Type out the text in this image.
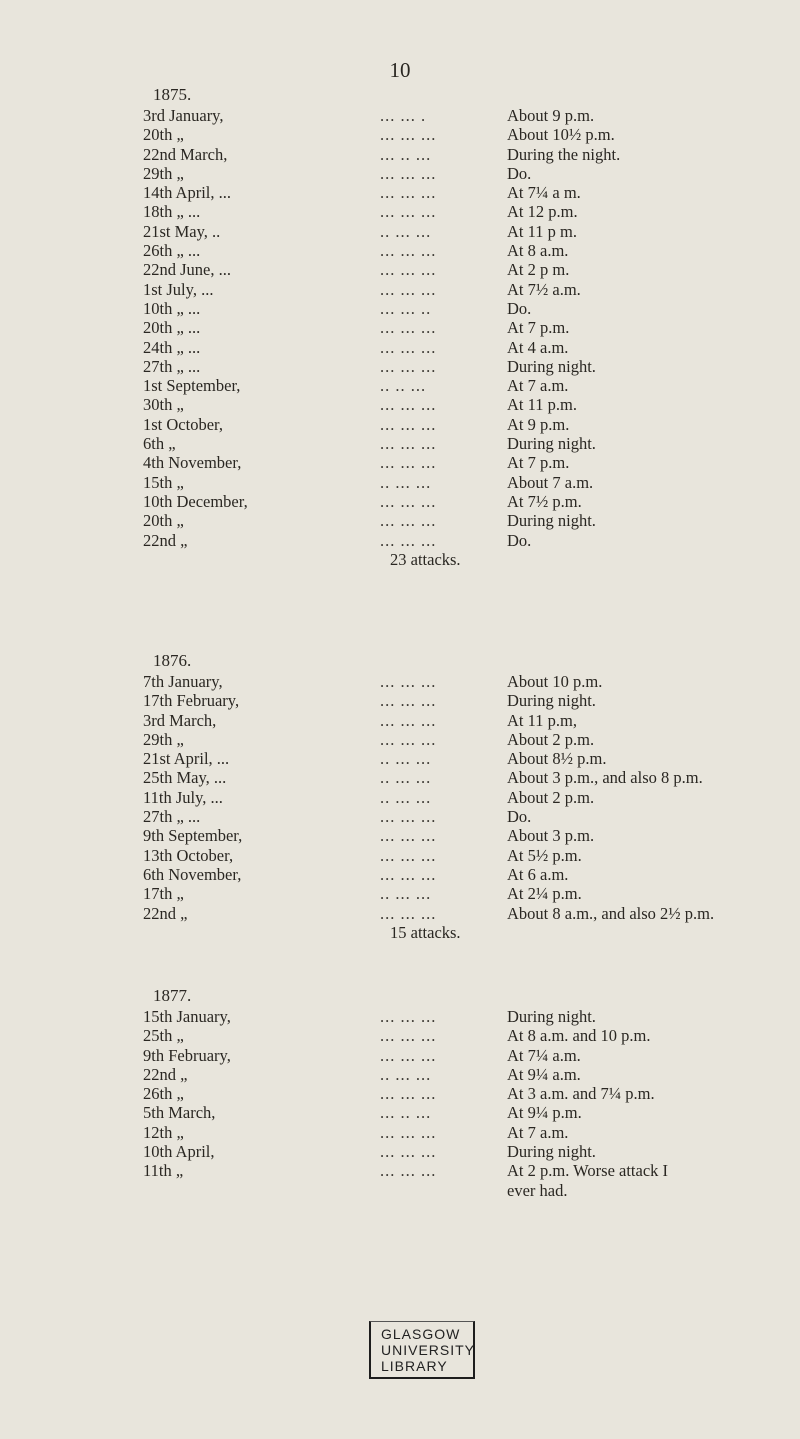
10
1875.
3rd January,	... ... .	About 9 p.m.
20th „	... ... ...	About 10½ p.m.
22nd March,	... .. ...	During the night.
29th „	... ... ...	Do.
14th April, ...	... ... ...	At 7¼ a m.
18th „ ...	... ... ...	At 12 p.m.
21st May, ..	.. ... ...	At 11 p m.
26th „ ...	... ... ...	At 8 a.m.
22nd June, ...	... ... ...	At 2 p m.
1st July, ...	... ... ...	At 7½ a.m.
10th „ ...	... ... ..	Do.
20th „ ...	... ... ...	At 7 p.m.
24th „ ...	... ... ...	At 4 a.m.
27th „ ...	... ... ...	During night.
1st September,	.. .. ...	At 7 a.m.
30th „	... ... ...	At 11 p.m.
1st October,	... ... ...	At 9 p.m.
6th „	... ... ...	During night.
4th November,	... ... ...	At 7 p.m.
15th „	.. ... ...	About 7 a.m.
10th December,	... ... ...	At 7½ p.m.
20th „	... ... ...	During night.
22nd „	... ... ...	Do.
23 attacks.
1876.
7th January,	... ... ...	About 10 p.m.
17th February,	... ... ...	During night.
3rd March,	... ... ...	At 11 p.m,
29th „	... ... ...	About 2 p.m.
21st April, ...	.. ... ...	About 8½ p.m.
25th May, ...	.. ... ...	About 3 p.m., and also 8 p.m.
11th July, ...	.. ... ...	About 2 p.m.
27th „ ...	... ... ...	Do.
9th September,	... ... ...	About 3 p.m.
13th October,	... ... ...	At 5½ p.m.
6th November,	... ... ...	At 6 a.m.
17th „	.. ... ...	At 2¼ p.m.
22nd „	... ... ...	About 8 a.m., and also 2½ p.m.
15 attacks.
1877.
15th January,	... ... ...	During night.
25th „	... ... ...	At 8 a.m. and 10 p.m.
9th February,	... ... ...	At 7¼ a.m.
22nd „	.. ... ...	At 9¼ a.m.
26th „	... ... ...	At 3 a.m. and 7¼ p.m.
5th March,	... .. ...	At 9¼ p.m.
12th „	... ... ...	At 7 a.m.
10th April,	... ... ...	During night.
11th „	... ... ...	At 2 p.m. Worse attack I
ever had.
GLASGOW
UNIVERSITY
LIBRARY
